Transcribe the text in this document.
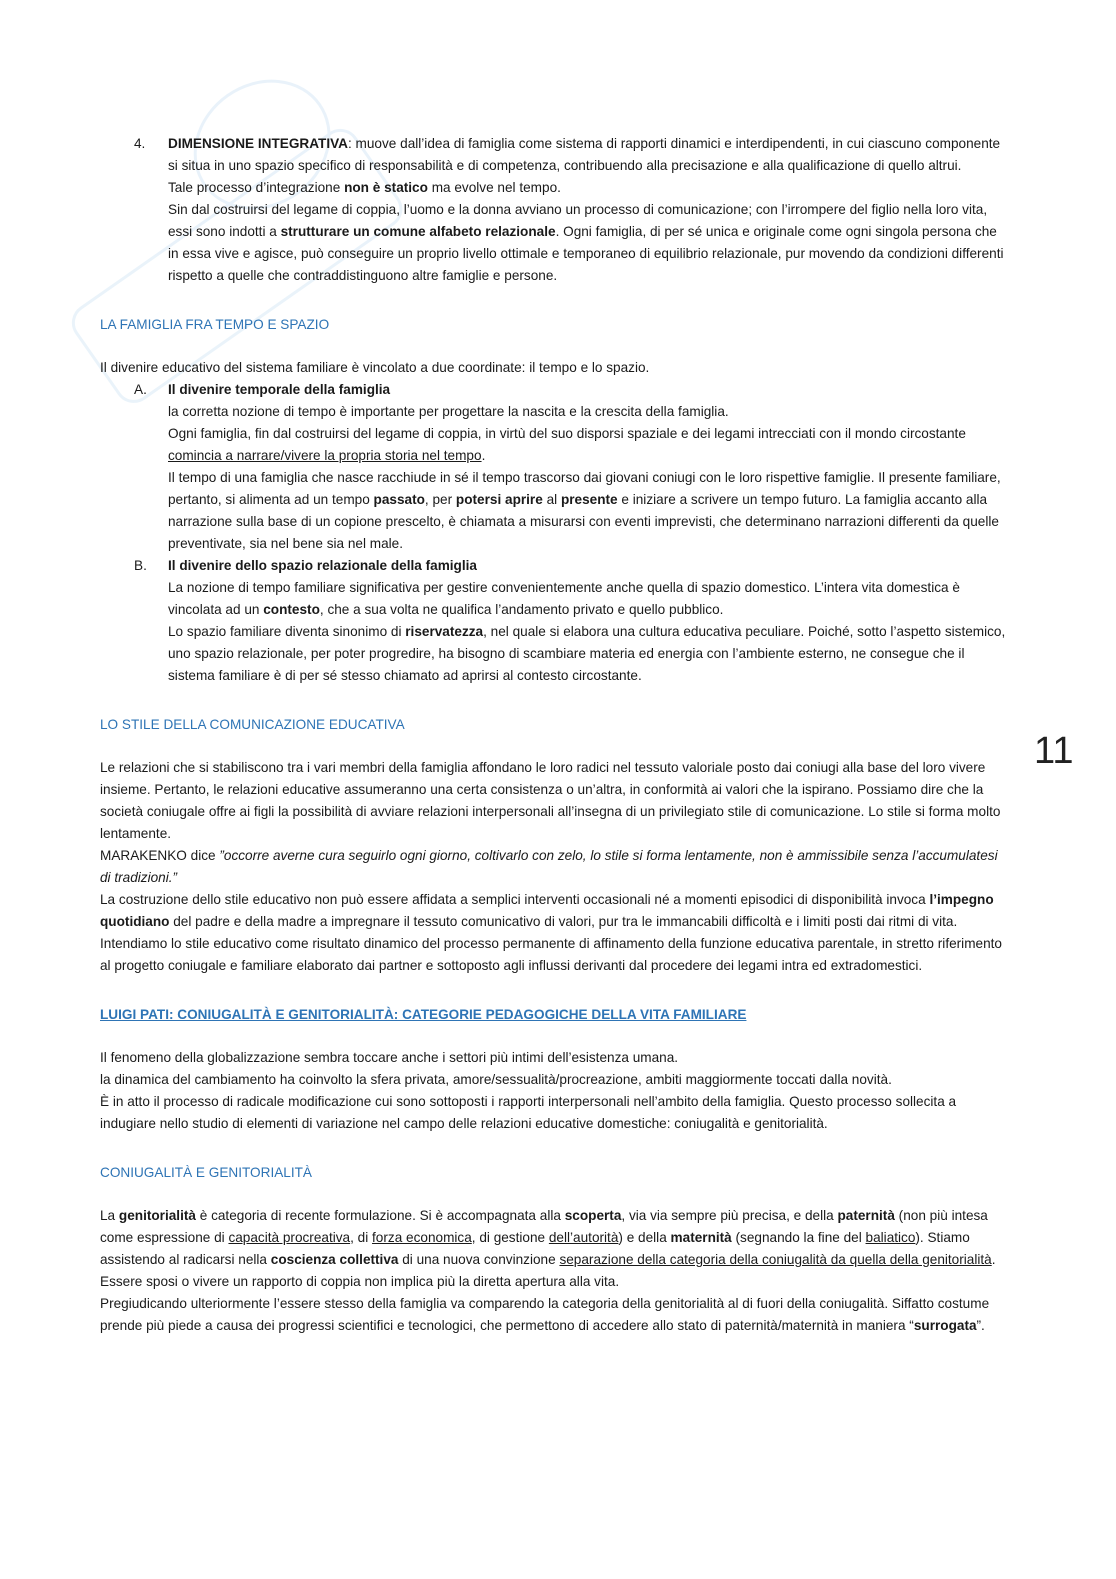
4.	DIMENSIONE INTEGRATIVA: muove dall’idea di famiglia come sistema di rapporti dinamici e interdipendenti, in cui ciascuno componente si situa in uno spazio specifico di responsabilità e di competenza, contribuendo alla precisazione e alla qualificazione di quello altrui.

Tale processo d’integrazione non è statico ma evolve nel tempo.

Sin dal costruirsi del legame di coppia, l’uomo e la donna avviano un processo di comunicazione; con l’irrompere del figlio nella loro vita, essi sono indotti a strutturare un comune alfabeto relazionale. Ogni famiglia, di per sé unica e originale come ogni singola persona che in essa vive e agisce, può conseguire un proprio livello ottimale e temporaneo di equilibrio relazionale, pur movendo da condizioni differenti rispetto a quelle che contraddistinguono altre famiglie e persone.

LA FAMIGLIA FRA TEMPO E SPAZIO

Il divenire educativo del sistema familiare è vincolato a due coordinate: il tempo e lo spazio.

A.	Il divenire temporale della famiglia

la corretta nozione di tempo è importante per progettare la nascita e la crescita della famiglia.

Ogni famiglia, fin dal costruirsi del legame di coppia, in virtù del suo disporsi spaziale e dei legami intrecciati con il mondo circostante comincia a narrare/vivere la propria storia nel tempo.

Il tempo di una famiglia che nasce racchiude in sé il tempo trascorso dai giovani coniugi con le loro rispettive famiglie. Il presente familiare, pertanto, si alimenta ad un tempo passato, per potersi aprire al presente e iniziare a scrivere un tempo futuro. La famiglia accanto alla narrazione sulla base di un copione prescelto, è chiamata a misurarsi con eventi imprevisti, che determinano narrazioni differenti da quelle preventivate, sia nel bene sia nel male.

B.	Il divenire dello spazio relazionale della famiglia

La nozione di tempo familiare significativa per gestire convenientemente anche quella di spazio domestico. L’intera vita domestica è vincolata ad un contesto, che a sua volta ne qualifica l’andamento privato e quello pubblico.

Lo spazio familiare diventa sinonimo di riservatezza, nel quale si elabora una cultura educativa peculiare. Poiché, sotto l’aspetto sistemico, uno spazio relazionale, per poter progredire, ha bisogno di scambiare materia ed energia con l’ambiente esterno, ne consegue che il sistema familiare è di per sé stesso chiamato ad aprirsi al contesto circostante.

LO STILE DELLA COMUNICAZIONE EDUCATIVA

Le relazioni che si stabiliscono tra i vari membri della famiglia affondano le loro radici nel tessuto valoriale posto dai coniugi alla base del loro vivere insieme. Pertanto, le relazioni educative assumeranno una certa consistenza o un’altra, in conformità ai valori che la ispirano. Possiamo dire che la società coniugale offre ai figli la possibilità di avviare relazioni interpersonali all’insegna di un privilegiato stile di comunicazione. Lo stile si forma molto lentamente.

MARAKENKO dice ”occorre averne cura seguirlo ogni giorno, coltivarlo con zelo, lo stile si forma lentamente, non è ammissibile senza l’accumulatesi di tradizioni.”

La costruzione dello stile educativo non può essere affidata a semplici interventi occasionali né a momenti episodici di disponibilità invoca l’impegno quotidiano del padre e della madre a impregnare il tessuto comunicativo di valori, pur tra le immancabili difficoltà e i limiti posti dai ritmi di vita.

Intendiamo lo stile educativo come risultato dinamico del processo permanente di affinamento della funzione educativa parentale, in stretto riferimento al progetto coniugale e familiare elaborato dai partner e sottoposto agli influssi derivanti dal procedere dei legami intra ed extradomestici.

LUIGI PATI: CONIUGALITÀ E GENITORIALITÀ: CATEGORIE PEDAGOGICHE DELLA VITA FAMILIARE

Il fenomeno della globalizzazione sembra toccare anche i settori più intimi dell’esistenza umana.

la dinamica del cambiamento ha coinvolto la sfera privata, amore/sessualità/procreazione, ambiti maggiormente toccati dalla novità.

È in atto il processo di radicale modificazione cui sono sottoposti i rapporti interpersonali nell’ambito della famiglia. Questo processo sollecita a indugiare nello studio di elementi di variazione nel campo delle relazioni educative domestiche: coniugalità e genitorialità.

CONIUGALITÀ E GENITORIALITÀ

La genitorialità è categoria di recente formulazione. Si è accompagnata alla scoperta, via via sempre più precisa, e della paternità (non più intesa come espressione di capacità procreativa, di forza economica, di gestione dell’autorità) e della maternità (segnando la fine del baliatico). Stiamo assistendo al radicarsi nella coscienza collettiva di una nuova convinzione separazione della categoria della coniugalità da quella della genitorialità.

Essere sposi o vivere un rapporto di coppia non implica più la diretta apertura alla vita.

Pregiudicando ulteriormente l’essere stesso della famiglia va comparendo la categoria della genitorialità al di fuori della coniugalità. Siffatto costume prende più piede a causa dei progressi scientifici e tecnologici, che permettono di accedere allo stato di paternità/maternità in maniera “surrogata”.

11
